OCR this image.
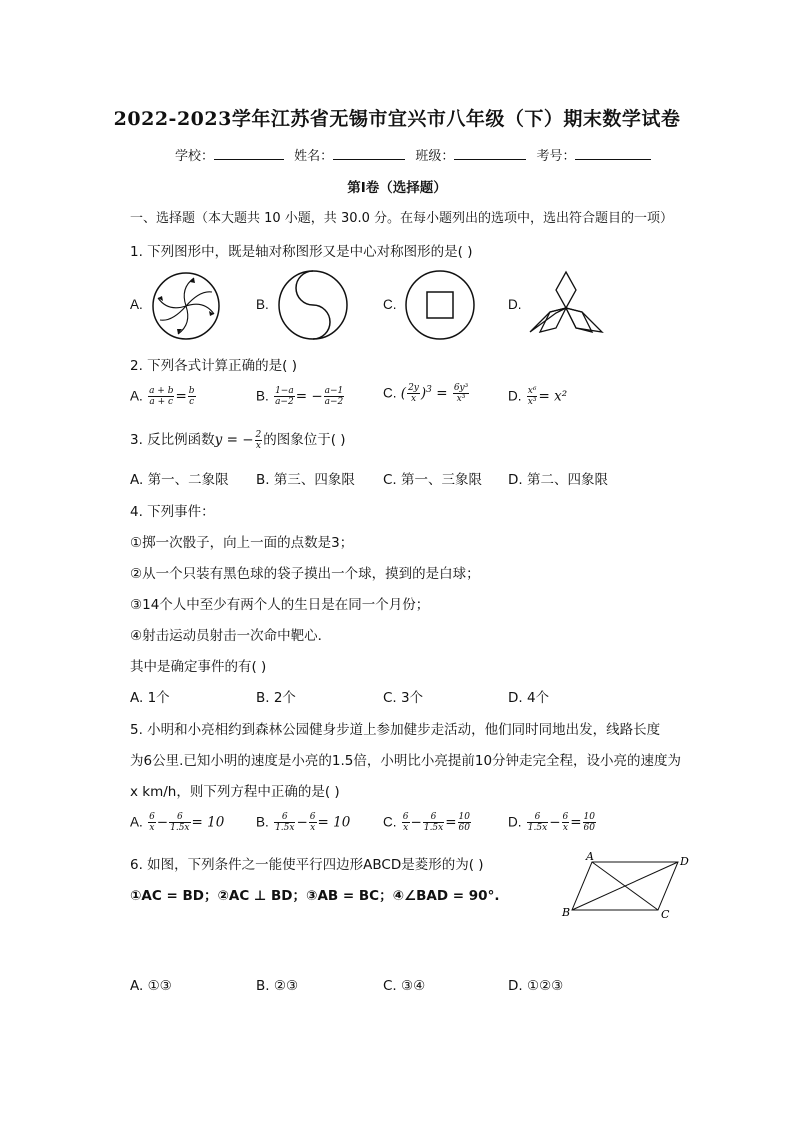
2022-2023学年江苏省无锡市宜兴市八年级（下）期末数学试卷
学校：	姓名：	班级：	考号：
第Ⅰ卷（选择题）
一、选择题（本大题共 10 小题，共 30.0 分。在每小题列出的选项中，选出符合题目的一项）
1. 下列图形中，既是轴对称图形又是中心对称图形的是( )
A.	B.	C.	D.
2. 下列各式计算正确的是( )
A. $\frac{a + b}{a + c} = \frac{b}{c}$	B. $\frac{1-a}{a-2}$ = − $\frac{a-1}{a-2}$	C. ( $\frac{2y}{x} )^3 = \frac{\text{6y³}}{\text{x³}}$	D. $\frac{\text{x⁶}}{\text{x³}} = x^2$
3. 反比例函数y = − $\frac{2}{x}$ 的图象位于( )
A. 第一、二象限 B. 第三、四象限 C. 第一、三象限 D. 第二、四象限
4. 下列事件：
①掷一次骰子，向上一面的点数是3；
②从一个只装有黑色球的袋子摸出一个球，摸到的是白球；
③14个人中至少有两个人的生日是在同一个月份；
④射击运动员射击一次命中靶心．
其中是确定事件的有( )
A. 1个	B. 2个	C. 3个	D. 4个
5. 小明和小亮相约到森林公园健身步道上参加健步走活动，他们同时同地出发，线路长度
为6公里.已知小明的速度是小亮的1.5倍，小明比小亮提前10分钟走完全程，设小亮的速度为
x km/h，则下列方程中正确的是( )
A. $\frac{6}{x} - \frac{6}{1.5x} = 10$ B. $\frac{6}{1.5x} - \frac{6}{x} = 10$ C. $\frac{6}{x} - \frac{6}{1.5x} = \frac{10}{60}$	D. $\frac{6}{1.5x} - \frac{6}{x} = \frac{10}{60}$
6. 如图，下列条件之一能使平行四边形ABCD是菱形的为( )
①AC = BD；②AC ⊥ BD；③AB = BC；④∠BAD = 90°.
A	D
B	C
A. ①③	B. ②③	C. ③④	D. ①②③
